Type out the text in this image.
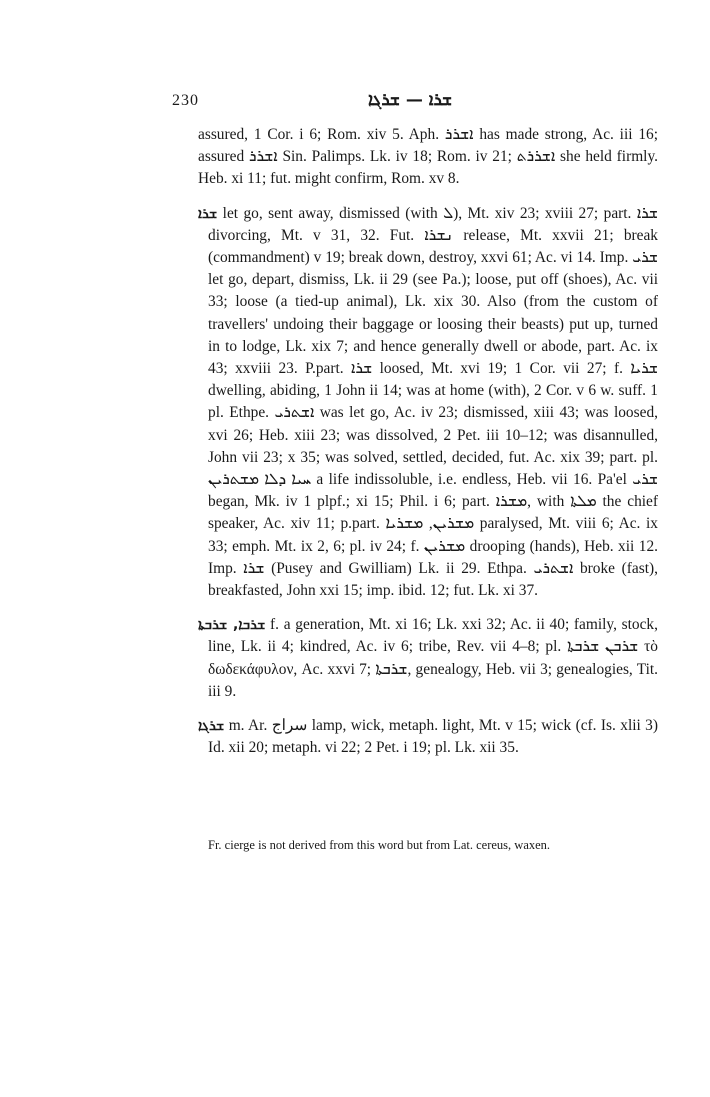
230	ܫܪܐ — ܫܪܓܐ

assured, 1 Cor. i 6; Rom. xiv 5. Aph. ܐܫܪܪ has made strong, Ac. iii 16; assured ܐܫܪܪ Sin. Palimps. Lk. iv 18; Rom. iv 21; ܐܫܪܪܬ she held firmly. Heb. xi 11; fut. might confirm, Rom. xv 8.

ܫܪܐ let go, sent away, dismissed (with ܠ), Mt. xiv 23; xviii 27; part. ܫܪܐ divorcing, Mt. v 31, 32. Fut. ܢܫܪܐ release, Mt. xxvii 21; break (commandment) v 19; break down, destroy, xxvi 61; Ac. vi 14. Imp. ܫܪܝ let go, depart, dismiss, Lk. ii 29 (see Pa.); loose, put off (shoes), Ac. vii 33; loose (a tied-up animal), Lk. xix 30. Also (from the custom of travellers' undoing their baggage or loosing their beasts) put up, turned in to lodge, Lk. xix 7; and hence generally dwell or abode, part. Ac. ix 43; xxviii 23. P.part. ܫܪܐ loosed, Mt. xvi 19; 1 Cor. vii 27; f. ܫܪܝܐ dwelling, abiding, 1 John ii 14; was at home (with), 2 Cor. v 6 w. suff. 1 pl. Ethpe. ܐܫܬܪܝ was let go, Ac. iv 23; dismissed, xiii 43; was loosed, xvi 26; Heb. xiii 23; was dissolved, 2 Pet. iii 10–12; was disannulled, John vii 23; x 35; was solved, settled, decided, fut. Ac. xix 39; part. pl. ܚܝܐ ܕܠܐ ܡܫܬܪܝܢ a life indissoluble, i.e. endless, Heb. vii 16. Pa'el ܫܪܝ began, Mk. iv 1 plpf.; xi 15; Phil. i 6; part. ܡܫܪܐ, with ܡܠܬܐ the chief speaker, Ac. xiv 11; p.part. ܡܫܪܝܢ, ܡܫܪܝܐ paralysed, Mt. viii 6; Ac. ix 33; emph. Mt. ix 2, 6; pl. iv 24; f. ܡܫܪܝܢ drooping (hands), Heb. xii 12. Imp. ܫܪܐ (Pusey and Gwilliam) Lk. ii 29. Ethpa. ܐܫܬܪܝ broke (fast), breakfasted, John xxi 15; imp. ibid. 12; fut. Lk. xi 37.

ܫܪܒܐ, ܫܪܒܬܐ f. a generation, Mt. xi 16; Lk. xxi 32; Ac. ii 40; family, stock, line, Lk. ii 4; kindred, Ac. iv 6; tribe, Rev. vii 4–8; pl. ܫܪܒܢ ܫܪܒܬܐ τὸ δωδεκάφυλον, Ac. xxvi 7; ܫܪܒܬܐ, genealogy, Heb. vii 3; genealogies, Tit. iii 9.

ܫܪܓܐ m. Ar. سراج lamp, wick, metaph. light, Mt. v 15; wick (cf. Is. xlii 3) Id. xii 20; metaph. vi 22; 2 Pet. i 19; pl. Lk. xii 35.

Fr. cierge is not derived from this word but from Lat. cereus, waxen.
